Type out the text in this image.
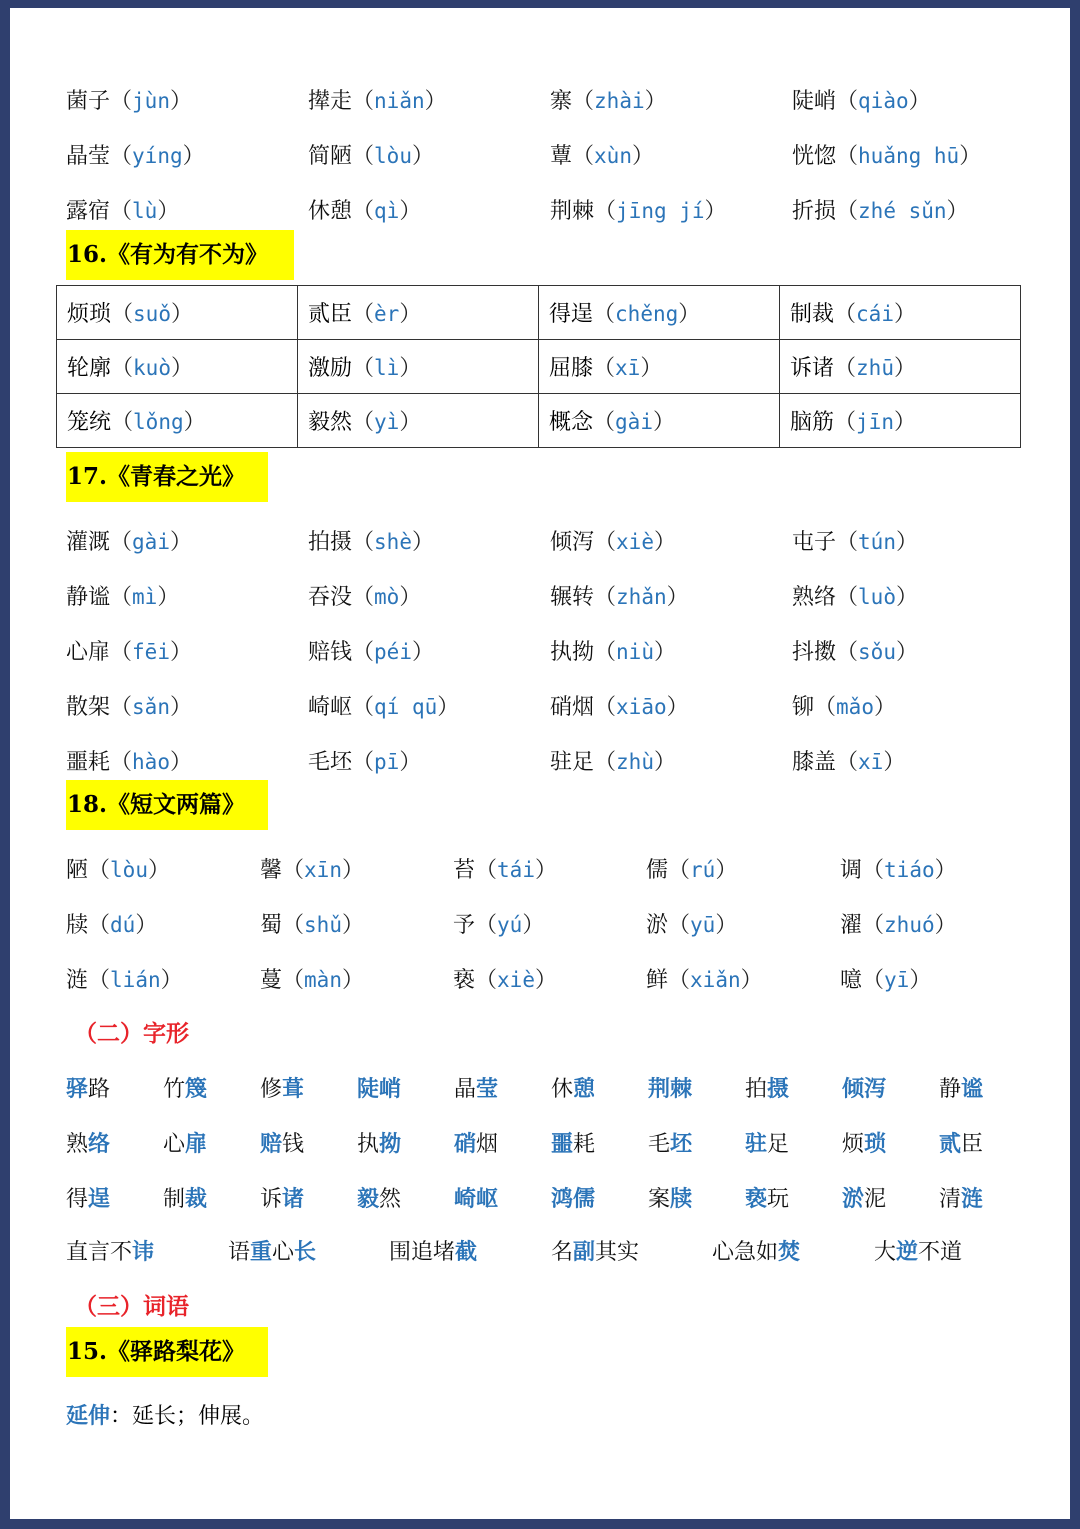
菌子（jùn）	撵走（niǎn）	寨（zhài）	陡峭（qiào）
晶莹（yíng）	简陋（lòu）	蕈（xùn）	恍惚（huǎng hū）
露宿（lù）	休憩（qì）	荆棘（jīng jí）	折损（zhé sǔn）
16.《有为有不为》
烦琐（suǒ）	贰臣（èr）	得逞（chěng）	制裁（cái）
轮廓（kuò）	激励（lì）	屈膝（xī）	诉诸（zhū）
笼统（lǒng）	毅然（yì）	概念（gài）	脑筋（jīn）
17.《青春之光》
灌溉（gài）	拍摄（shè）	倾泻（xiè）	屯子（tún）
静谧（mì）	吞没（mò）	辗转（zhǎn）	熟络（luò）
心扉（fēi）	赔钱（péi）	执拗（niù）	抖擞（sǒu）
散架（sǎn）	崎岖（qí qū）	硝烟（xiāo）	铆（mǎo）
噩耗（hào）	毛坯（pī）	驻足（zhù）	膝盖（xī）
18.《短文两篇》
陋（lòu）	馨（xīn）	苔（tái）	儒（rú）	调（tiáo）
牍（dú）	蜀（shǔ）	予（yú）	淤（yū）	濯（zhuó）
涟（lián）	蔓（màn）	亵（xiè）	鲜（xiǎn）	噫（yī）
（二）字形
驿路 竹篾 修葺 陡峭 晶莹 休憩 荆棘 拍摄 倾泻 静谧
熟络 心扉 赔钱 执拗 硝烟 噩耗 毛坯 驻足 烦琐 贰臣
得逞 制裁 诉诸 毅然 崎岖 鸿儒 案牍 亵玩 淤泥 清涟
直言不讳	语重心长	围追堵截	名副其实	心急如焚	大逆不道
（三）词语
15.《驿路梨花》
延伸：延长；伸展。
